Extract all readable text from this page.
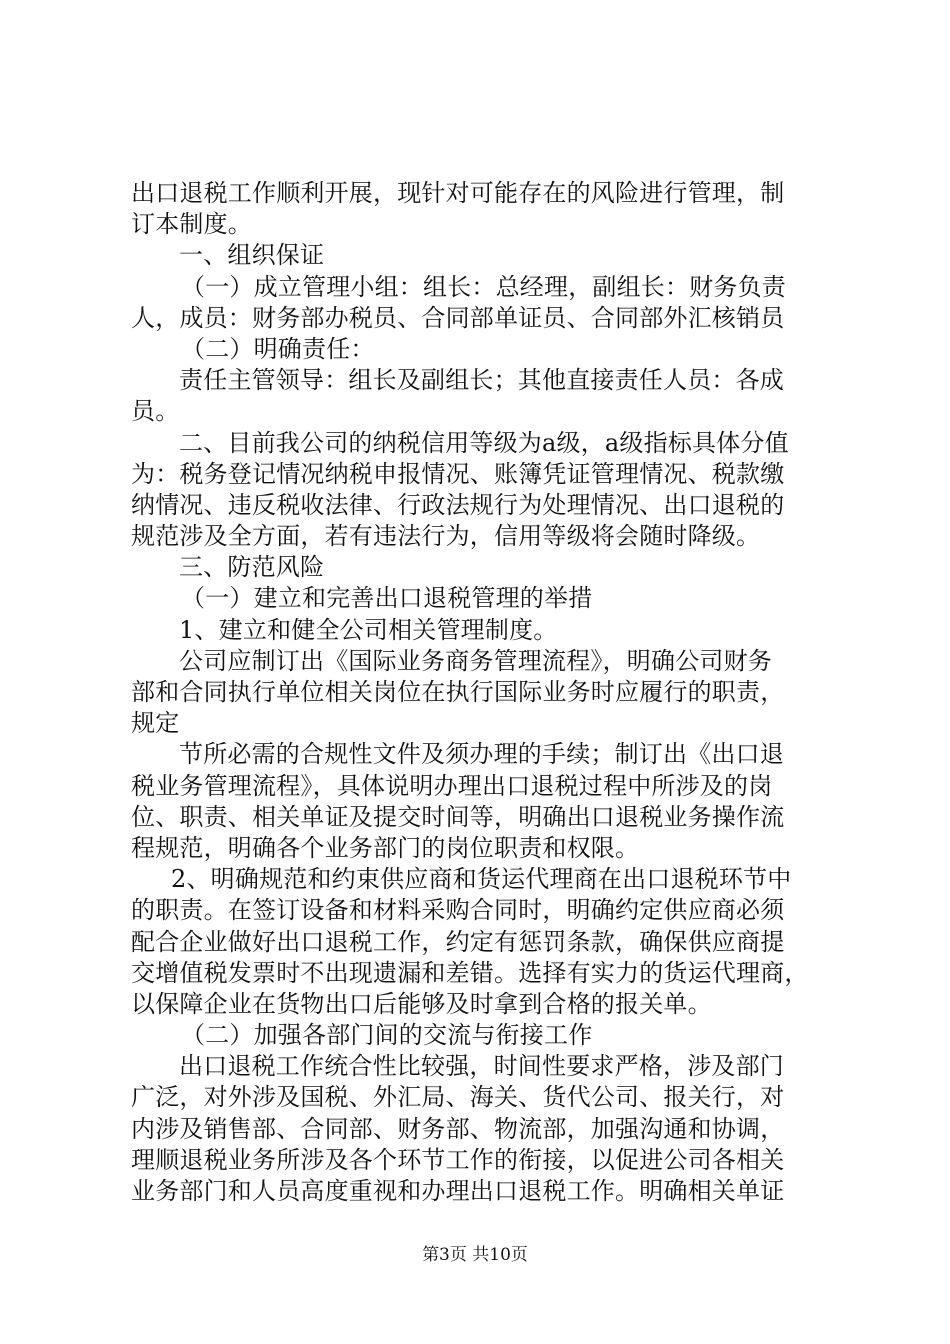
出口退税工作顺利开展，现针对可能存在的风险进行管理，制
订本制度。
一、组织保证
（一）成立管理小组：组长：总经理，副组长：财务负责
人，成员：财务部办税员、合同部单证员、合同部外汇核销员
（二）明确责任：
责任主管领导：组长及副组长；其他直接责任人员：各成
员。
二、目前我公司的纳税信用等级为a级，a级指标具体分值
为：税务登记情况纳税申报情况、账簿凭证管理情况、税款缴
纳情况、违反税收法律、行政法规行为处理情况、出口退税的
规范涉及全方面，若有违法行为，信用等级将会随时降级。
三、防范风险
（一）建立和完善出口退税管理的举措
1、建立和健全公司相关管理制度。
公司应制订出《国际业务商务管理流程》，明确公司财务
部和合同执行单位相关岗位在执行国际业务时应履行的职责，
规定
节所必需的合规性文件及须办理的手续；制订出《出口退
税业务管理流程》，具体说明办理出口退税过程中所涉及的岗
位、职责、相关单证及提交时间等，明确出口退税业务操作流
程规范，明确各个业务部门的岗位职责和权限。
2、明确规范和约束供应商和货运代理商在出口退税环节中
的职责。在签订设备和材料采购合同时，明确约定供应商必须
配合企业做好出口退税工作，约定有惩罚条款，确保供应商提
交增值税发票时不出现遗漏和差错。选择有实力的货运代理商，
以保障企业在货物出口后能够及时拿到合格的报关单。
（二）加强各部门间的交流与衔接工作
出口退税工作统合性比较强，时间性要求严格，涉及部门
广泛，对外涉及国税、外汇局、海关、货代公司、报关行，对
内涉及销售部、合同部、财务部、物流部，加强沟通和协调，
理顺退税业务所涉及各个环节工作的衔接，以促进公司各相关
业务部门和人员高度重视和办理出口退税工作。明确相关单证
第3页 共10页
